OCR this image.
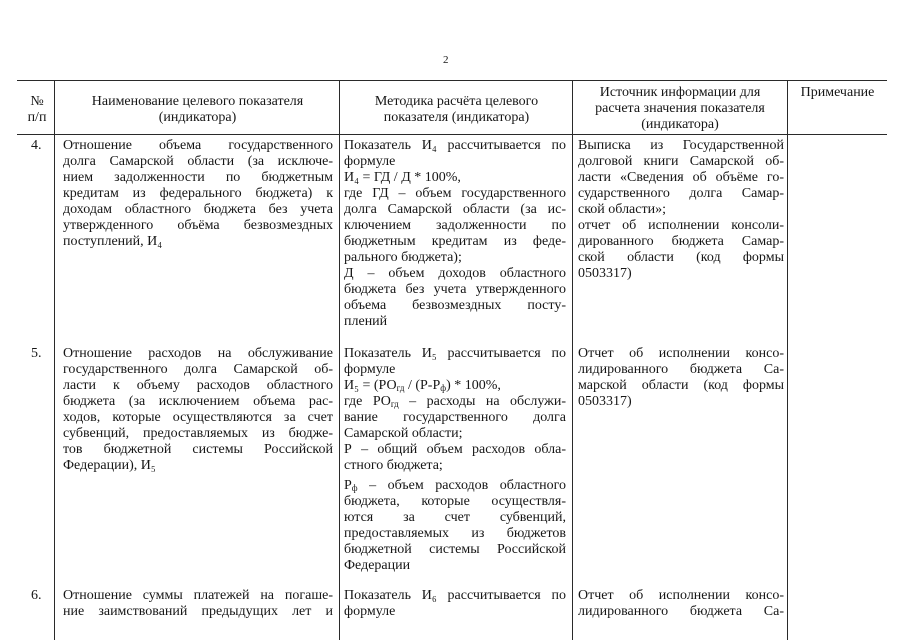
2
№
п/п
Наименование целевого показателя
(индикатора)
Методика расчёта целевого
показателя (индикатора)
Источник информации для
расчета значения показателя
(индикатора)
Примечание
4. Отношение объема государственного
долга Самарской области (за исключе-
нием задолженности по бюджетным
кредитам из федерального бюджета) к
доходам областного бюджета без учета
утвержденного объёма безвозмездных
поступлений, И₄
Показатель И₄ рассчитывается по
формуле
И₄ = ГД / Д * 100%,
где ГД – объем государственного
долга Самарской области (за ис-
ключением задолженности по
бюджетным кредитам из феде-
рального бюджета);
Д – объем доходов областного
бюджета без учета утвержденного
объема безвозмездных посту-
плений
Выписка из Государственной
долговой книги Самарской об-
ласти «Сведения об объёме го-
сударственного долга Самар-
ской области»;
отчет об исполнении консоли-
дированного бюджета Самар-
ской области (код формы
0503317)
5. Отношение расходов на обслуживание
государственного долга Самарской об-
ласти к объему расходов областного
бюджета (за исключением объема рас-
ходов, которые осуществляются за счет
субвенций, предоставляемых из бюдже-
тов бюджетной системы Российской
Федерации), И₅
Показатель И₅ рассчитывается по
формуле
$И_5 = (РО_{гд} / (Р-Р_ф) * 100\%$,
где $РО_{гд}$ – расходы на обслужи-
вание государственного долга
Самарской области;
Р – общий объем расходов обла-
стного бюджета;
$Р_ф$ – объем расходов областного
бюджета, которые осуществля-
ются за счет субвенций,
предоставляемых из бюджетов
бюджетной системы Российской
Федерации
Отчет об исполнении консо-
лидированного бюджета Са-
марской области (код формы
0503317)
6. Отношение суммы платежей на погаше-
ние заимствований предыдущих лет и
Показатель И₆ рассчитывается по
формуле
Отчет об исполнении консо-
лидированного бюджета Са-
